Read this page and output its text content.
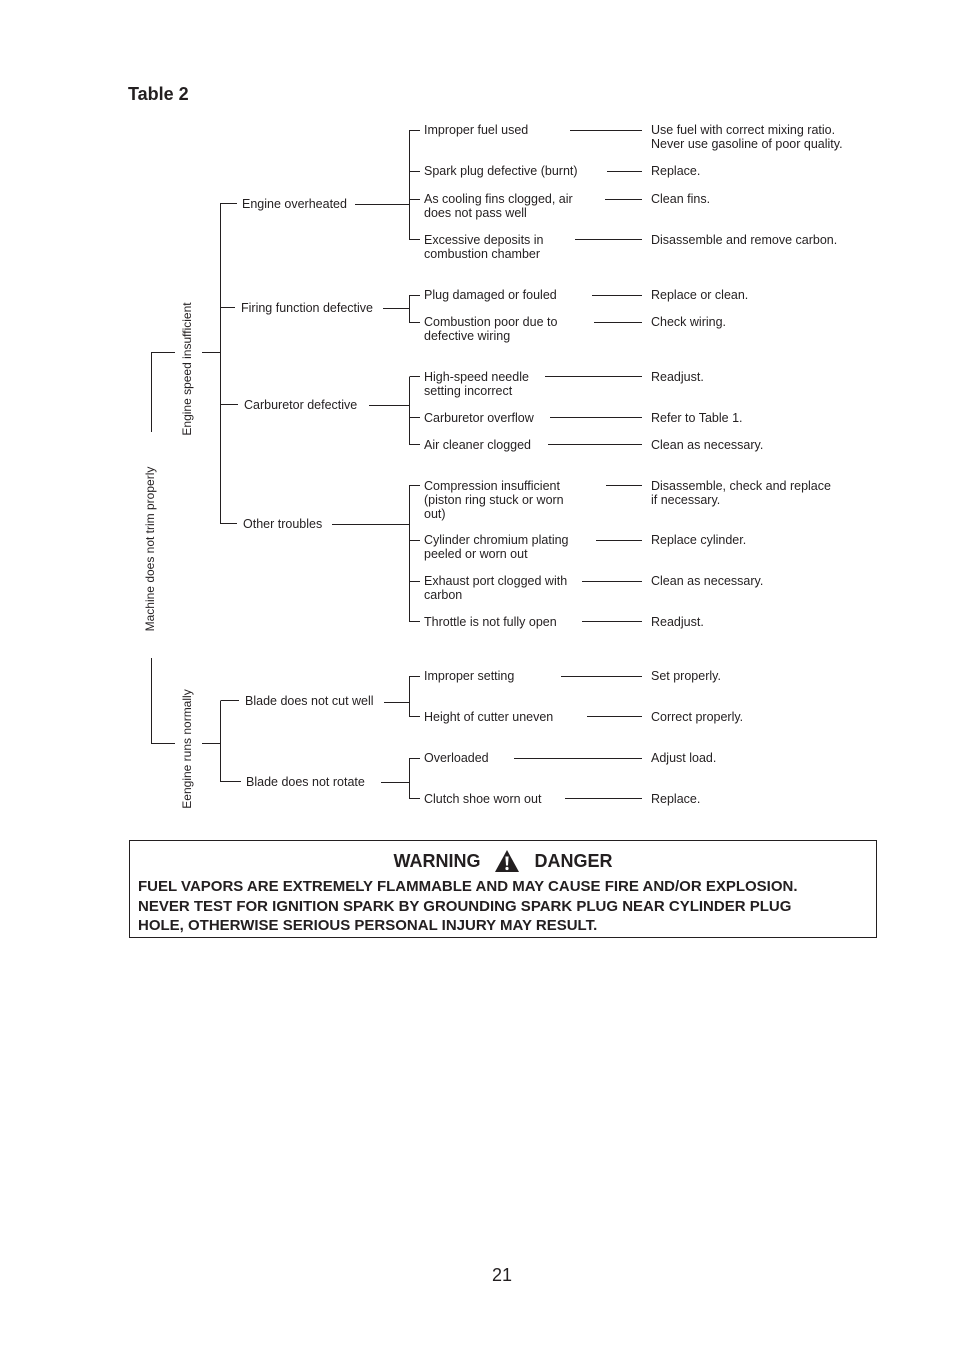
Table 2
Machine does not trim properly
Engine speed insufficient
Eengine runs normally
Engine overheated
Firing function defective
Carburetor defective
Other troubles
Blade does not cut well
Blade does not rotate
Improper fuel used
Spark plug defective (burnt)
As cooling fins clogged, air
does not pass well
Excessive deposits in
combustion chamber
Plug damaged or fouled
Combustion poor due to
defective wiring
High-speed needle
setting incorrect
Carburetor overflow
Air cleaner clogged
Compression insufficient
(piston ring stuck or worn
out)
Cylinder chromium plating
peeled or worn out
Exhaust port clogged with
carbon
Throttle is not fully open
Improper setting
Height of cutter uneven
Overloaded
Clutch shoe worn out
Use fuel with correct mixing ratio.
Never use gasoline of poor quality.
Replace.
Clean fins.
Disassemble and remove carbon.
Replace or clean.
Check wiring.
Readjust.
Refer to Table 1.
Clean as necessary.
Disassemble, check and replace
if necessary.
Replace cylinder.
Clean as necessary.
Readjust.
Set properly.
Correct properly.
Adjust load.
Replace.
WARNING	DANGER
FUEL VAPORS ARE EXTREMELY FLAMMABLE AND MAY CAUSE FIRE AND/OR EXPLOSION.
NEVER TEST FOR IGNITION SPARK BY GROUNDING SPARK PLUG NEAR CYLINDER PLUG
HOLE, OTHERWISE SERIOUS PERSONAL INJURY MAY RESULT.
21
